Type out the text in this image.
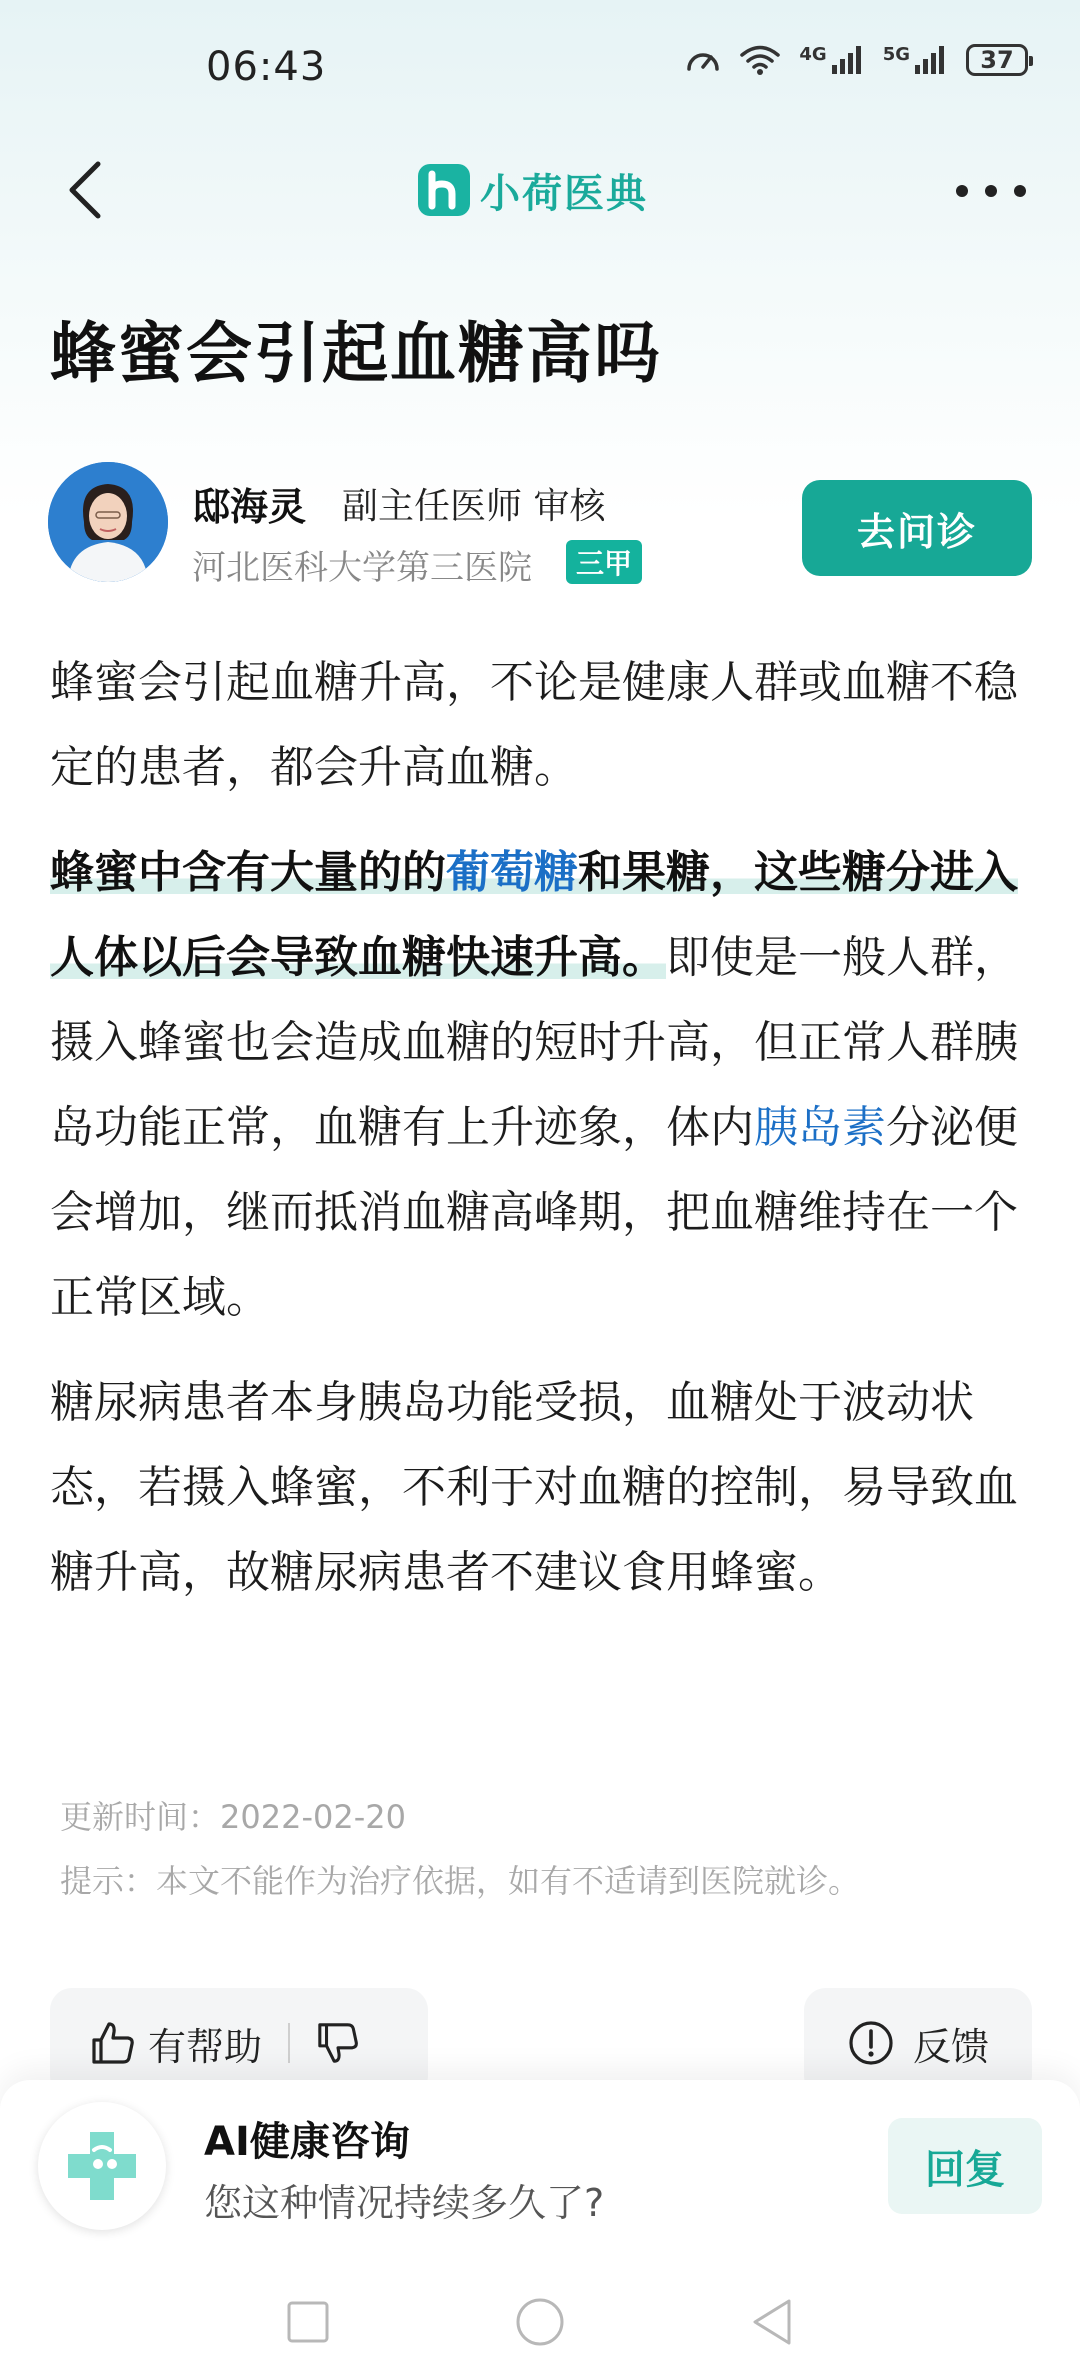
06:43	4G	5G	37
小荷医典
蜂蜜会引起血糖高吗
邸海灵 副主任医师 审核
河北医科大学第三医院	三甲
去问诊

蜂蜜会引起血糖升高，不论是健康人群或血糖不稳定的患者，都会升高血糖。

蜂蜜中含有大量的的葡萄糖和果糖，这些糖分进入人体以后会导致血糖快速升高。即使是一般人群，摄入蜂蜜也会造成血糖的短时升高，但正常人群胰岛功能正常，血糖有上升迹象，体内胰岛素分泌便会增加，继而抵消血糖高峰期，把血糖维持在一个正常区域。

糖尿病患者本身胰岛功能受损，血糖处于波动状态，若摄入蜂蜜，不利于对血糖的控制，易导致血糖升高，故糖尿病患者不建议食用蜂蜜。

更新时间：2022-02-20
提示：本文不能作为治疗依据，如有不适请到医院就诊。
有帮助	反馈
AI健康咨询
您这种情况持续多久了?
回复
